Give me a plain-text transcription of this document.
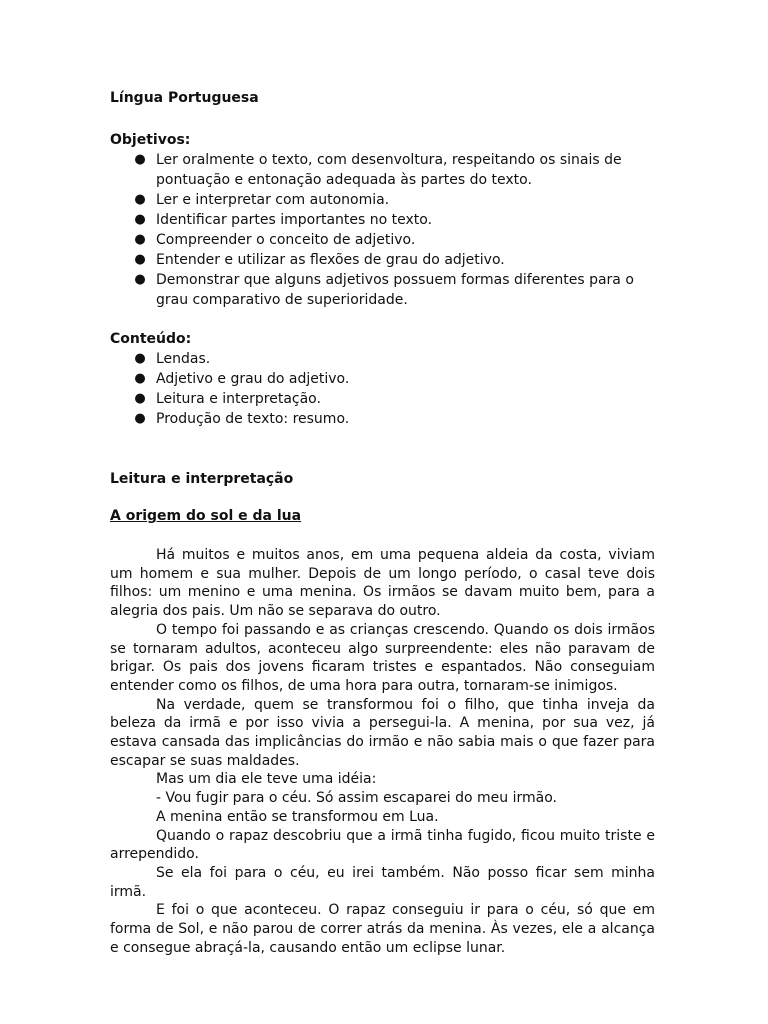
Língua Portuguesa

Objetivos:

● Ler oralmente o texto, com desenvoltura, respeitando os sinais de pontuação e entonação adequada às partes do texto.
● Ler e interpretar com autonomia.
● Identificar partes importantes no texto.
● Compreender o conceito de adjetivo.
● Entender e utilizar as flexões de grau do adjetivo.
● Demonstrar que alguns adjetivos possuem formas diferentes para o grau comparativo de superioridade.

Conteúdo:

● Lendas.
● Adjetivo e grau do adjetivo.
● Leitura e interpretação.
● Produção de texto: resumo.

Leitura e interpretação

A origem do sol e da lua

Há muitos e muitos anos, em uma pequena aldeia da costa, viviam um homem e sua mulher. Depois de um longo período, o casal teve dois filhos: um menino e uma menina. Os irmãos se davam muito bem, para a alegria dos pais. Um não se separava do outro.

O tempo foi passando e as crianças crescendo. Quando os dois irmãos se tornaram adultos, aconteceu algo surpreendente: eles não paravam de brigar. Os pais dos jovens ficaram tristes e espantados. Não conseguiam entender como os filhos, de uma hora para outra, tornaram-se inimigos.

Na verdade, quem se transformou foi o filho, que tinha inveja da beleza da irmã e por isso vivia a persegui-la. A menina, por sua vez, já estava cansada das implicâncias do irmão e não sabia mais o que fazer para escapar se suas maldades.

Mas um dia ele teve uma idéia:

- Vou fugir para o céu. Só assim escaparei do meu irmão.

A menina então se transformou em Lua.

Quando o rapaz descobriu que a irmã tinha fugido, ficou muito triste e arrependido.

Se ela foi para o céu, eu irei também. Não posso ficar sem minha irmã.

E foi o que aconteceu. O rapaz conseguiu ir para o céu, só que em forma de Sol, e não parou de correr atrás da menina. Às vezes, ele a alcança e consegue abraçá-la, causando então um eclipse lunar.
